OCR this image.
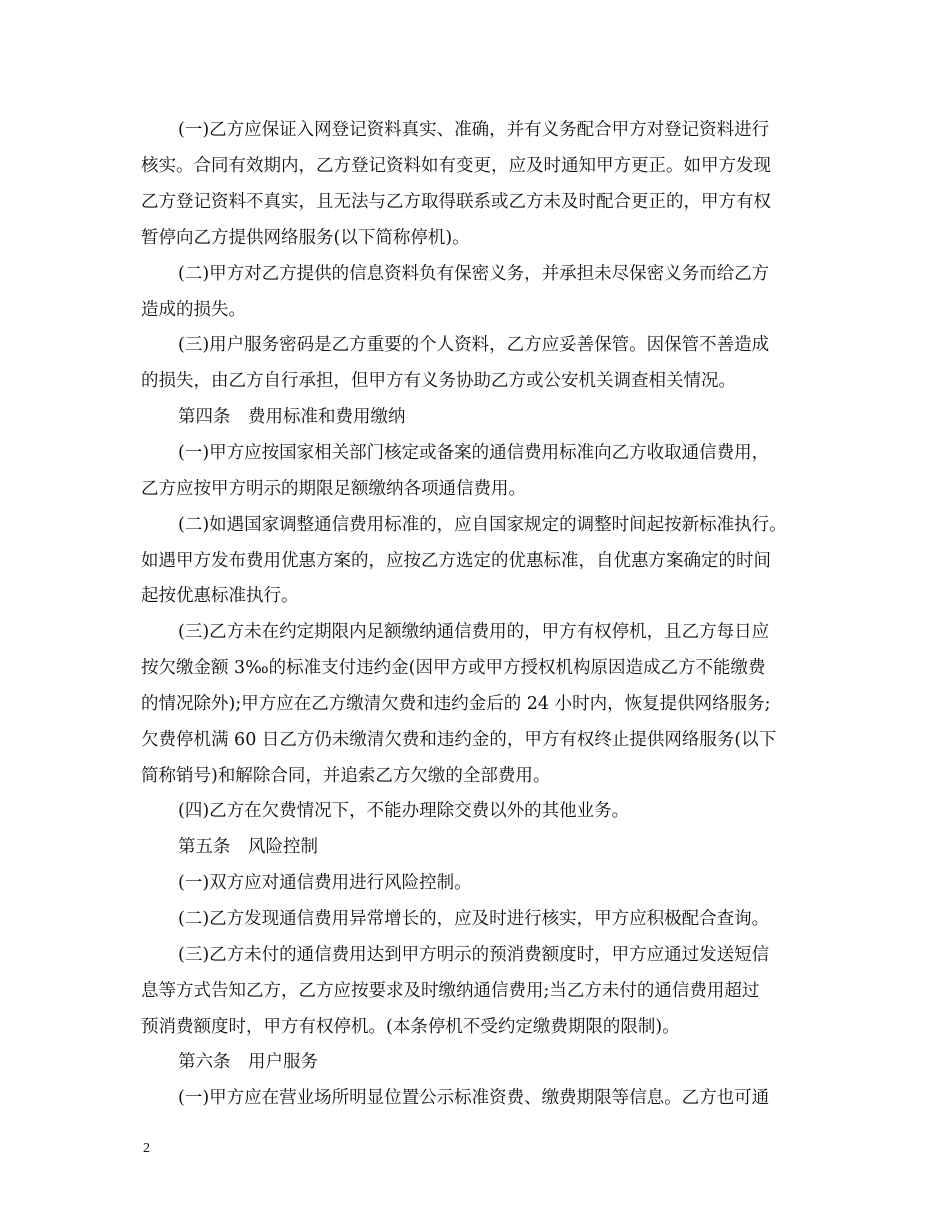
(一)乙方应保证入网登记资料真实、准确，并有义务配合甲方对登记资料进行
核实。合同有效期内，乙方登记资料如有变更，应及时通知甲方更正。如甲方发现
乙方登记资料不真实，且无法与乙方取得联系或乙方未及时配合更正的，甲方有权
暂停向乙方提供网络服务(以下简称停机)。
(二)甲方对乙方提供的信息资料负有保密义务，并承担未尽保密义务而给乙方
造成的损失。
(三)用户服务密码是乙方重要的个人资料，乙方应妥善保管。因保管不善造成
的损失，由乙方自行承担，但甲方有义务协助乙方或公安机关调查相关情况。
第四条　费用标准和费用缴纳
(一)甲方应按国家相关部门核定或备案的通信费用标准向乙方收取通信费用，
乙方应按甲方明示的期限足额缴纳各项通信费用。
(二)如遇国家调整通信费用标准的，应自国家规定的调整时间起按新标准执行。
如遇甲方发布费用优惠方案的，应按乙方选定的优惠标准，自优惠方案确定的时间
起按优惠标准执行。
(三)乙方未在约定期限内足额缴纳通信费用的，甲方有权停机，且乙方每日应
按欠缴金额 3‰的标准支付违约金(因甲方或甲方授权机构原因造成乙方不能缴费
的情况除外);甲方应在乙方缴清欠费和违约金后的 24 小时内，恢复提供网络服务;
欠费停机满 60 日乙方仍未缴清欠费和违约金的，甲方有权终止提供网络服务(以下
简称销号)和解除合同，并追索乙方欠缴的全部费用。
(四)乙方在欠费情况下，不能办理除交费以外的其他业务。
第五条　风险控制
(一)双方应对通信费用进行风险控制。
(二)乙方发现通信费用异常增长的，应及时进行核实，甲方应积极配合查询。
(三)乙方未付的通信费用达到甲方明示的预消费额度时，甲方应通过发送短信
息等方式告知乙方，乙方应按要求及时缴纳通信费用;当乙方未付的通信费用超过
预消费额度时，甲方有权停机。(本条停机不受约定缴费期限的限制)。
第六条　用户服务
(一)甲方应在营业场所明显位置公示标准资费、缴费期限等信息。乙方也可通
2
